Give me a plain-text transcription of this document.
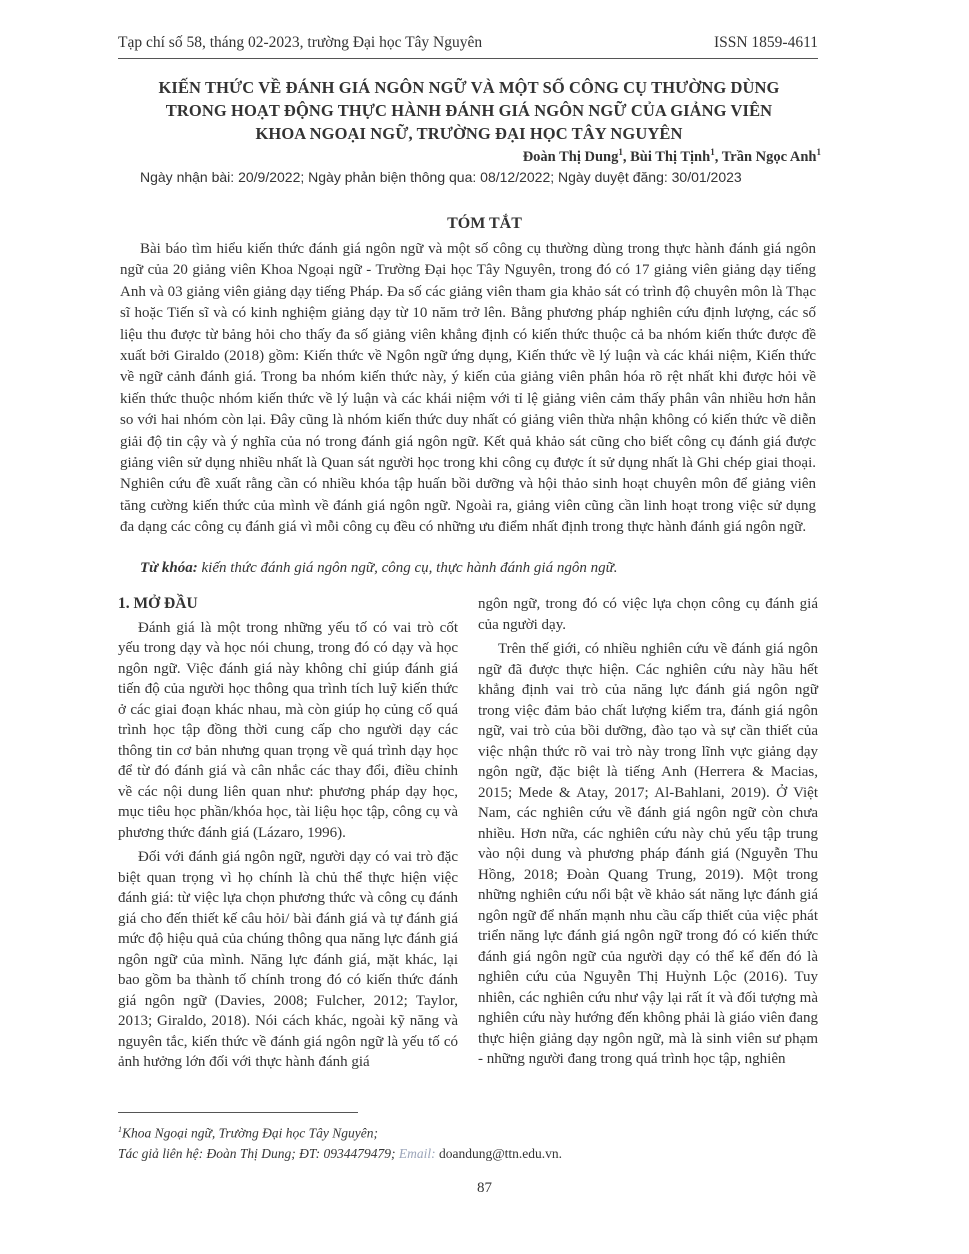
Tạp chí số 58, tháng 02-2023, trường Đại học Tây Nguyên	ISSN 1859-4611
KIẾN THỨC VỀ ĐÁNH GIÁ NGÔN NGỮ VÀ MỘT SỐ CÔNG CỤ THƯỜNG DÙNG
TRONG HOẠT ĐỘNG THỰC HÀNH ĐÁNH GIÁ NGÔN NGỮ CỦA GIẢNG VIÊN
KHOA NGOẠI NGỮ, TRƯỜNG ĐẠI HỌC TÂY NGUYÊN
Đoàn Thị Dung$^1$, Bùi Thị Tịnh$^1$, Trần Ngọc Anh$^1$
Ngày nhận bài: 20/9/2022; Ngày phản biện thông qua: 08/12/2022; Ngày duyệt đăng: 30/01/2023
TÓM TẮT

Bài báo tìm hiểu kiến thức đánh giá ngôn ngữ và một số công cụ thường dùng trong thực hành đánh giá ngôn ngữ của 20 giảng viên Khoa Ngoại ngữ - Trường Đại học Tây Nguyên, trong đó có 17 giảng viên giảng dạy tiếng Anh và 03 giảng viên giảng dạy tiếng Pháp. Đa số các giảng viên tham gia khảo sát có trình độ chuyên môn là Thạc sĩ hoặc Tiến sĩ và có kinh nghiệm giảng dạy từ 10 năm trở lên. Bằng phương pháp nghiên cứu định lượng, các số liệu thu được từ bảng hỏi cho thấy đa số giảng viên khẳng định có kiến thức thuộc cả ba nhóm kiến thức được đề xuất bởi Giraldo (2018) gồm: Kiến thức về Ngôn ngữ ứng dụng, Kiến thức về lý luận và các khái niệm, Kiến thức về ngữ cảnh đánh giá. Trong ba nhóm kiến thức này, ý kiến của giảng viên phân hóa rõ rệt nhất khi được hỏi về kiến thức thuộc nhóm kiến thức về lý luận và các khái niệm với tỉ lệ giảng viên cảm thấy phân vân nhiều hơn hẳn so với hai nhóm còn lại. Đây cũng là nhóm kiến thức duy nhất có giảng viên thừa nhận không có kiến thức về diễn giải độ tin cậy và ý nghĩa của nó trong đánh giá ngôn ngữ. Kết quả khảo sát cũng cho biết công cụ đánh giá được giảng viên sử dụng nhiều nhất là Quan sát người học trong khi công cụ được ít sử dụng nhất là Ghi chép giai thoại. Nghiên cứu đề xuất rằng cần có nhiều khóa tập huấn bồi dưỡng và hội thảo sinh hoạt chuyên môn để giảng viên tăng cường kiến thức của mình về đánh giá ngôn ngữ. Ngoài ra, giảng viên cũng cần linh hoạt trong việc sử dụng đa dạng các công cụ đánh giá vì mỗi công cụ đều có những ưu điểm nhất định trong thực hành đánh giá ngôn ngữ.

Từ khóa: kiến thức đánh giá ngôn ngữ, công cụ, thực hành đánh giá ngôn ngữ.
1. MỞ ĐẦU

Đánh giá là một trong những yếu tố có vai trò cốt yếu trong dạy và học nói chung, trong đó có dạy và học ngôn ngữ. Việc đánh giá này không chỉ giúp đánh giá tiến độ của người học thông qua trình tích luỹ kiến thức ở các giai đoạn khác nhau, mà còn giúp họ củng cố quá trình học tập đồng thời cung cấp cho người dạy các thông tin cơ bản nhưng quan trọng về quá trình dạy học để từ đó đánh giá và cân nhắc các thay đổi, điều chỉnh về các nội dung liên quan như: phương pháp dạy học, mục tiêu học phần/khóa học, tài liệu học tập, công cụ và phương thức đánh giá (Lázaro, 1996).

Đối với đánh giá ngôn ngữ, người dạy có vai trò đặc biệt quan trọng vì họ chính là chủ thể thực hiện việc đánh giá: từ việc lựa chọn phương thức và công cụ đánh giá cho đến thiết kế câu hỏi/ bài đánh giá và tự đánh giá mức độ hiệu quả của chúng thông qua năng lực đánh giá ngôn ngữ của mình. Năng lực đánh giá, mặt khác, lại bao gồm ba thành tố chính trong đó có kiến thức đánh giá ngôn ngữ (Davies, 2008; Fulcher, 2012; Taylor, 2013; Giraldo, 2018). Nói cách khác, ngoài kỹ năng và nguyên tắc, kiến thức về đánh giá ngôn ngữ là yếu tố có ảnh hưởng lớn đối với thực hành đánh giá

ngôn ngữ, trong đó có việc lựa chọn công cụ đánh giá của người dạy.

Trên thế giới, có nhiều nghiên cứu về đánh giá ngôn ngữ đã được thực hiện. Các nghiên cứu này hầu hết khẳng định vai trò của năng lực đánh giá ngôn ngữ trong việc đảm bảo chất lượng kiểm tra, đánh giá ngôn ngữ, vai trò của bồi dưỡng, đào tạo và sự cần thiết của việc nhận thức rõ vai trò này trong lĩnh vực giảng dạy ngôn ngữ, đặc biệt là tiếng Anh (Herrera & Macias, 2015; Mede & Atay, 2017; Al-Bahlani, 2019). Ở Việt Nam, các nghiên cứu về đánh giá ngôn ngữ còn chưa nhiều. Hơn nữa, các nghiên cứu này chủ yếu tập trung vào nội dung và phương pháp đánh giá (Nguyễn Thu Hồng, 2018; Đoàn Quang Trung, 2019). Một trong những nghiên cứu nổi bật về khảo sát năng lực đánh giá ngôn ngữ để nhấn mạnh nhu cầu cấp thiết của việc phát triển năng lực đánh giá ngôn ngữ trong đó có kiến thức đánh giá ngôn ngữ của người dạy có thể kể đến đó là nghiên cứu của Nguyễn Thị Huỳnh Lộc (2016). Tuy nhiên, các nghiên cứu như vậy lại rất ít và đối tượng mà nghiên cứu này hướng đến không phải là giáo viên đang thực hiện giảng dạy ngôn ngữ, mà là sinh viên sư phạm - những người đang trong quá trình học tập, nghiên

$^1$Khoa Ngoại ngữ, Trường Đại học Tây Nguyên;
Tác giả liên hệ: Đoàn Thị Dung; ĐT: 0934479479; Email: doandung@ttn.edu.vn.
87
